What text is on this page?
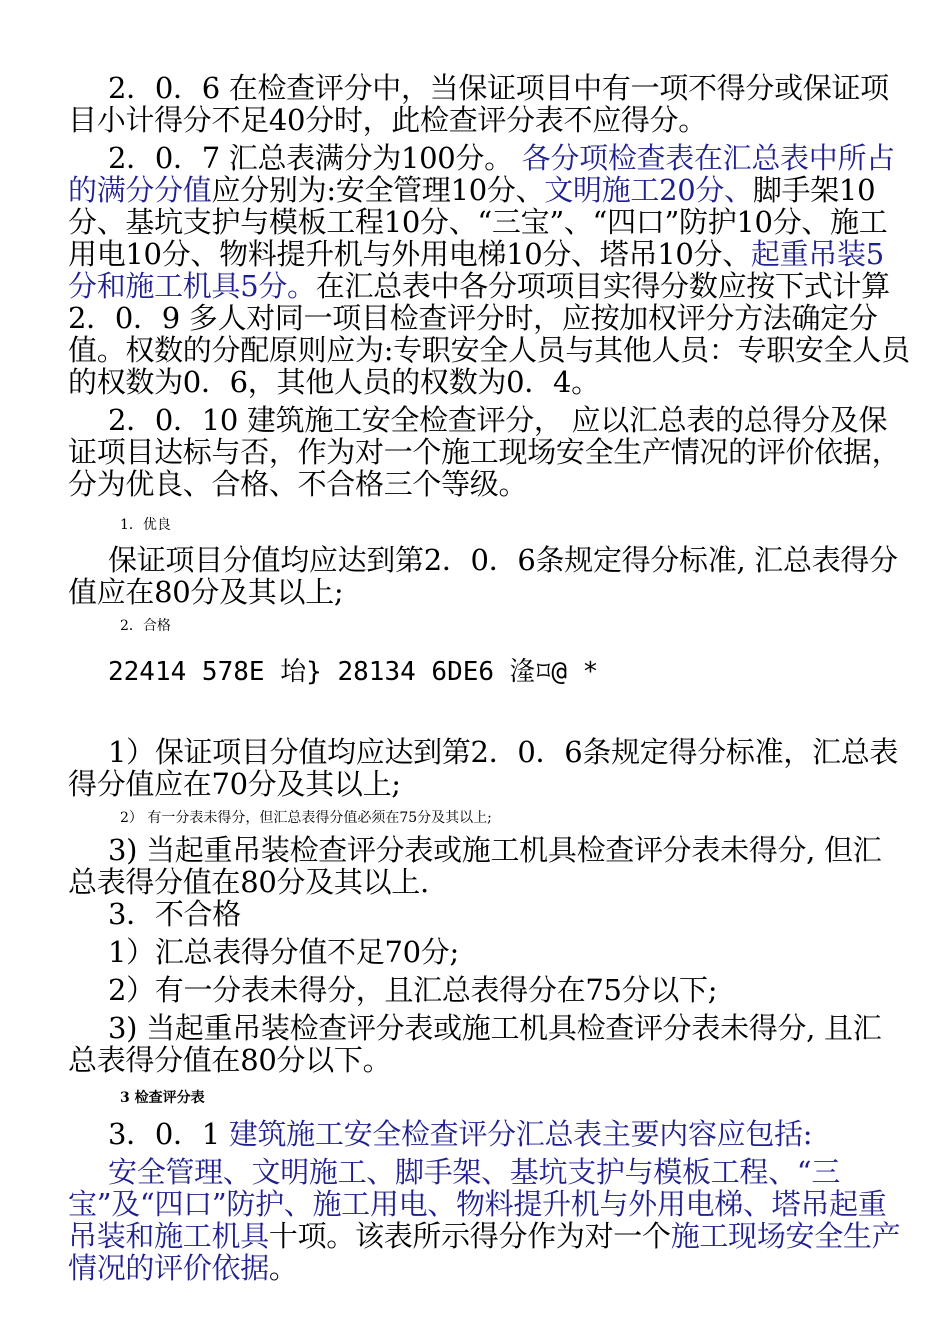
2．0．6 在检查评分中，当保证项目中有一项不得分或保证项目小计得分不足40分时，此检查评分表不应得分。

2．0．7 汇总表满分为100分。 各分项检查表在汇总表中所占的满分分值应分别为:安全管理10分、文明施工20分、脚手架10分、基坑支护与模板工程10分、“三宝”、“四口”防护10分、施工用电10分、物料提升机与外用电梯10分、塔吊10分、起重吊装5分和施工机具5分。在汇总表中各分项项目实得分数应按下式计算2．0．9 多人对同一项目检查评分时，应按加权评分方法确定分值。权数的分配原则应为:专职安全人员与其他人员：专职安全人员的权数为0．6，其他人员的权数为0．4。

2．0．10 建筑施工安全检查评分， 应以汇总表的总得分及保证项目达标与否，作为对一个施工现场安全生产情况的评价依据，分为优良、合格、不合格三个等级。

1．优良

保证项目分值均应达到第2．0．6条规定得分标准, 汇总表得分值应在80分及其以上;

2．合格

22414 578E 坮} 28134 6DE6 湰⌑@ *

1）保证项目分值均应达到第2．0．6条规定得分标准，汇总表得分值应在70分及其以上;

2） 有一分表未得分，但汇总表得分值必须在75分及其以上;

3) 当起重吊装检查评分表或施工机具检查评分表未得分, 但汇总表得分值在80分及其以上.

3．不合格

1）汇总表得分值不足70分;

2）有一分表未得分，且汇总表得分在75分以下;

3) 当起重吊装检查评分表或施工机具检查评分表未得分, 且汇总表得分值在80分以下。

3 检查评分表

3．0．1 建筑施工安全检查评分汇总表主要内容应包括:

安全管理、文明施工、脚手架、基坑支护与模板工程、“三宝”及“四口”防护、施工用电、物料提升机与外用电梯、塔吊起重吊装和施工机具十项。该表所示得分作为对一个施工现场安全生产情况的评价依据。
